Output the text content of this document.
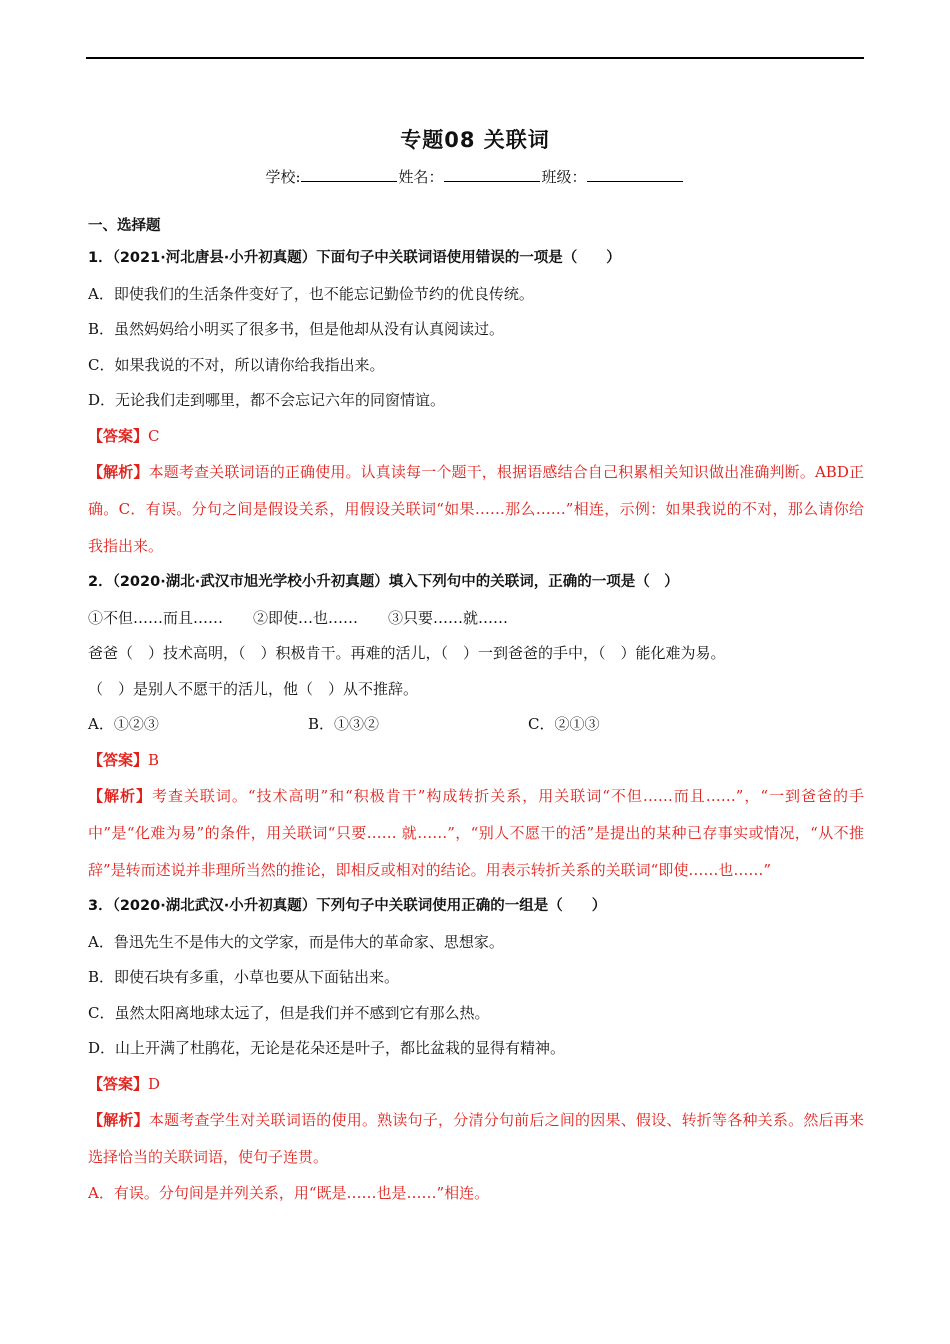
专题08 关联词
学校:	姓名：	班级：
一、选择题
1．（2021·河北唐县·小升初真题）下面句子中关联词语使用错误的一项是（　　）
A．即使我们的生活条件变好了，也不能忘记勤俭节约的优良传统。
B．虽然妈妈给小明买了很多书，但是他却从没有认真阅读过。
C．如果我说的不对，所以请你给我指出来。
D．无论我们走到哪里，都不会忘记六年的同窗情谊。
【答案】C
【解析】本题考查关联词语的正确使用。认真读每一个题干，根据语感结合自己积累相关知识做出准确判断。ABD正确。C．有误。分句之间是假设关系，用假设关联词“如果……那么……”相连，示例：如果我说的不对，那么请你给我指出来。
2．（2020·湖北·武汉市旭光学校小升初真题）填入下列句中的关联词，正确的一项是（　）
①不但……而且…… ②即使…也…… ③只要……就……
爸爸（　）技术高明，（　）积极肯干。再难的活儿，（　）一到爸爸的手中，（　）能化难为易。
（　）是别人不愿干的活儿，他（　）从不推辞。
A．①②③	B．①③②	C．②①③
【答案】B
【解析】考查关联词。“技术高明”和“积极肯干”构成转折关系，用关联词“不但……而且……”，“一到爸爸的手中”是“化难为易”的条件，用关联词“只要…… 就……”，“别人不愿干的活”是提出的某种已存事实或情况，“从不推辞”是转而述说并非理所当然的推论，即相反或相对的结论。用表示转折关系的关联词“即使……也……”
3．（2020·湖北武汉·小升初真题）下列句子中关联词使用正确的一组是（　　）
A．鲁迅先生不是伟大的文学家，而是伟大的革命家、思想家。
B．即使石块有多重，小草也要从下面钻出来。
C．虽然太阳离地球太远了，但是我们并不感到它有那么热。
D．山上开满了杜鹃花，无论是花朵还是叶子，都比盆栽的显得有精神。
【答案】D
【解析】本题考查学生对关联词语的使用。熟读句子，分清分句前后之间的因果、假设、转折等各种关系。然后再来选择恰当的关联词语，使句子连贯。
A．有误。分句间是并列关系，用“既是……也是……”相连。
